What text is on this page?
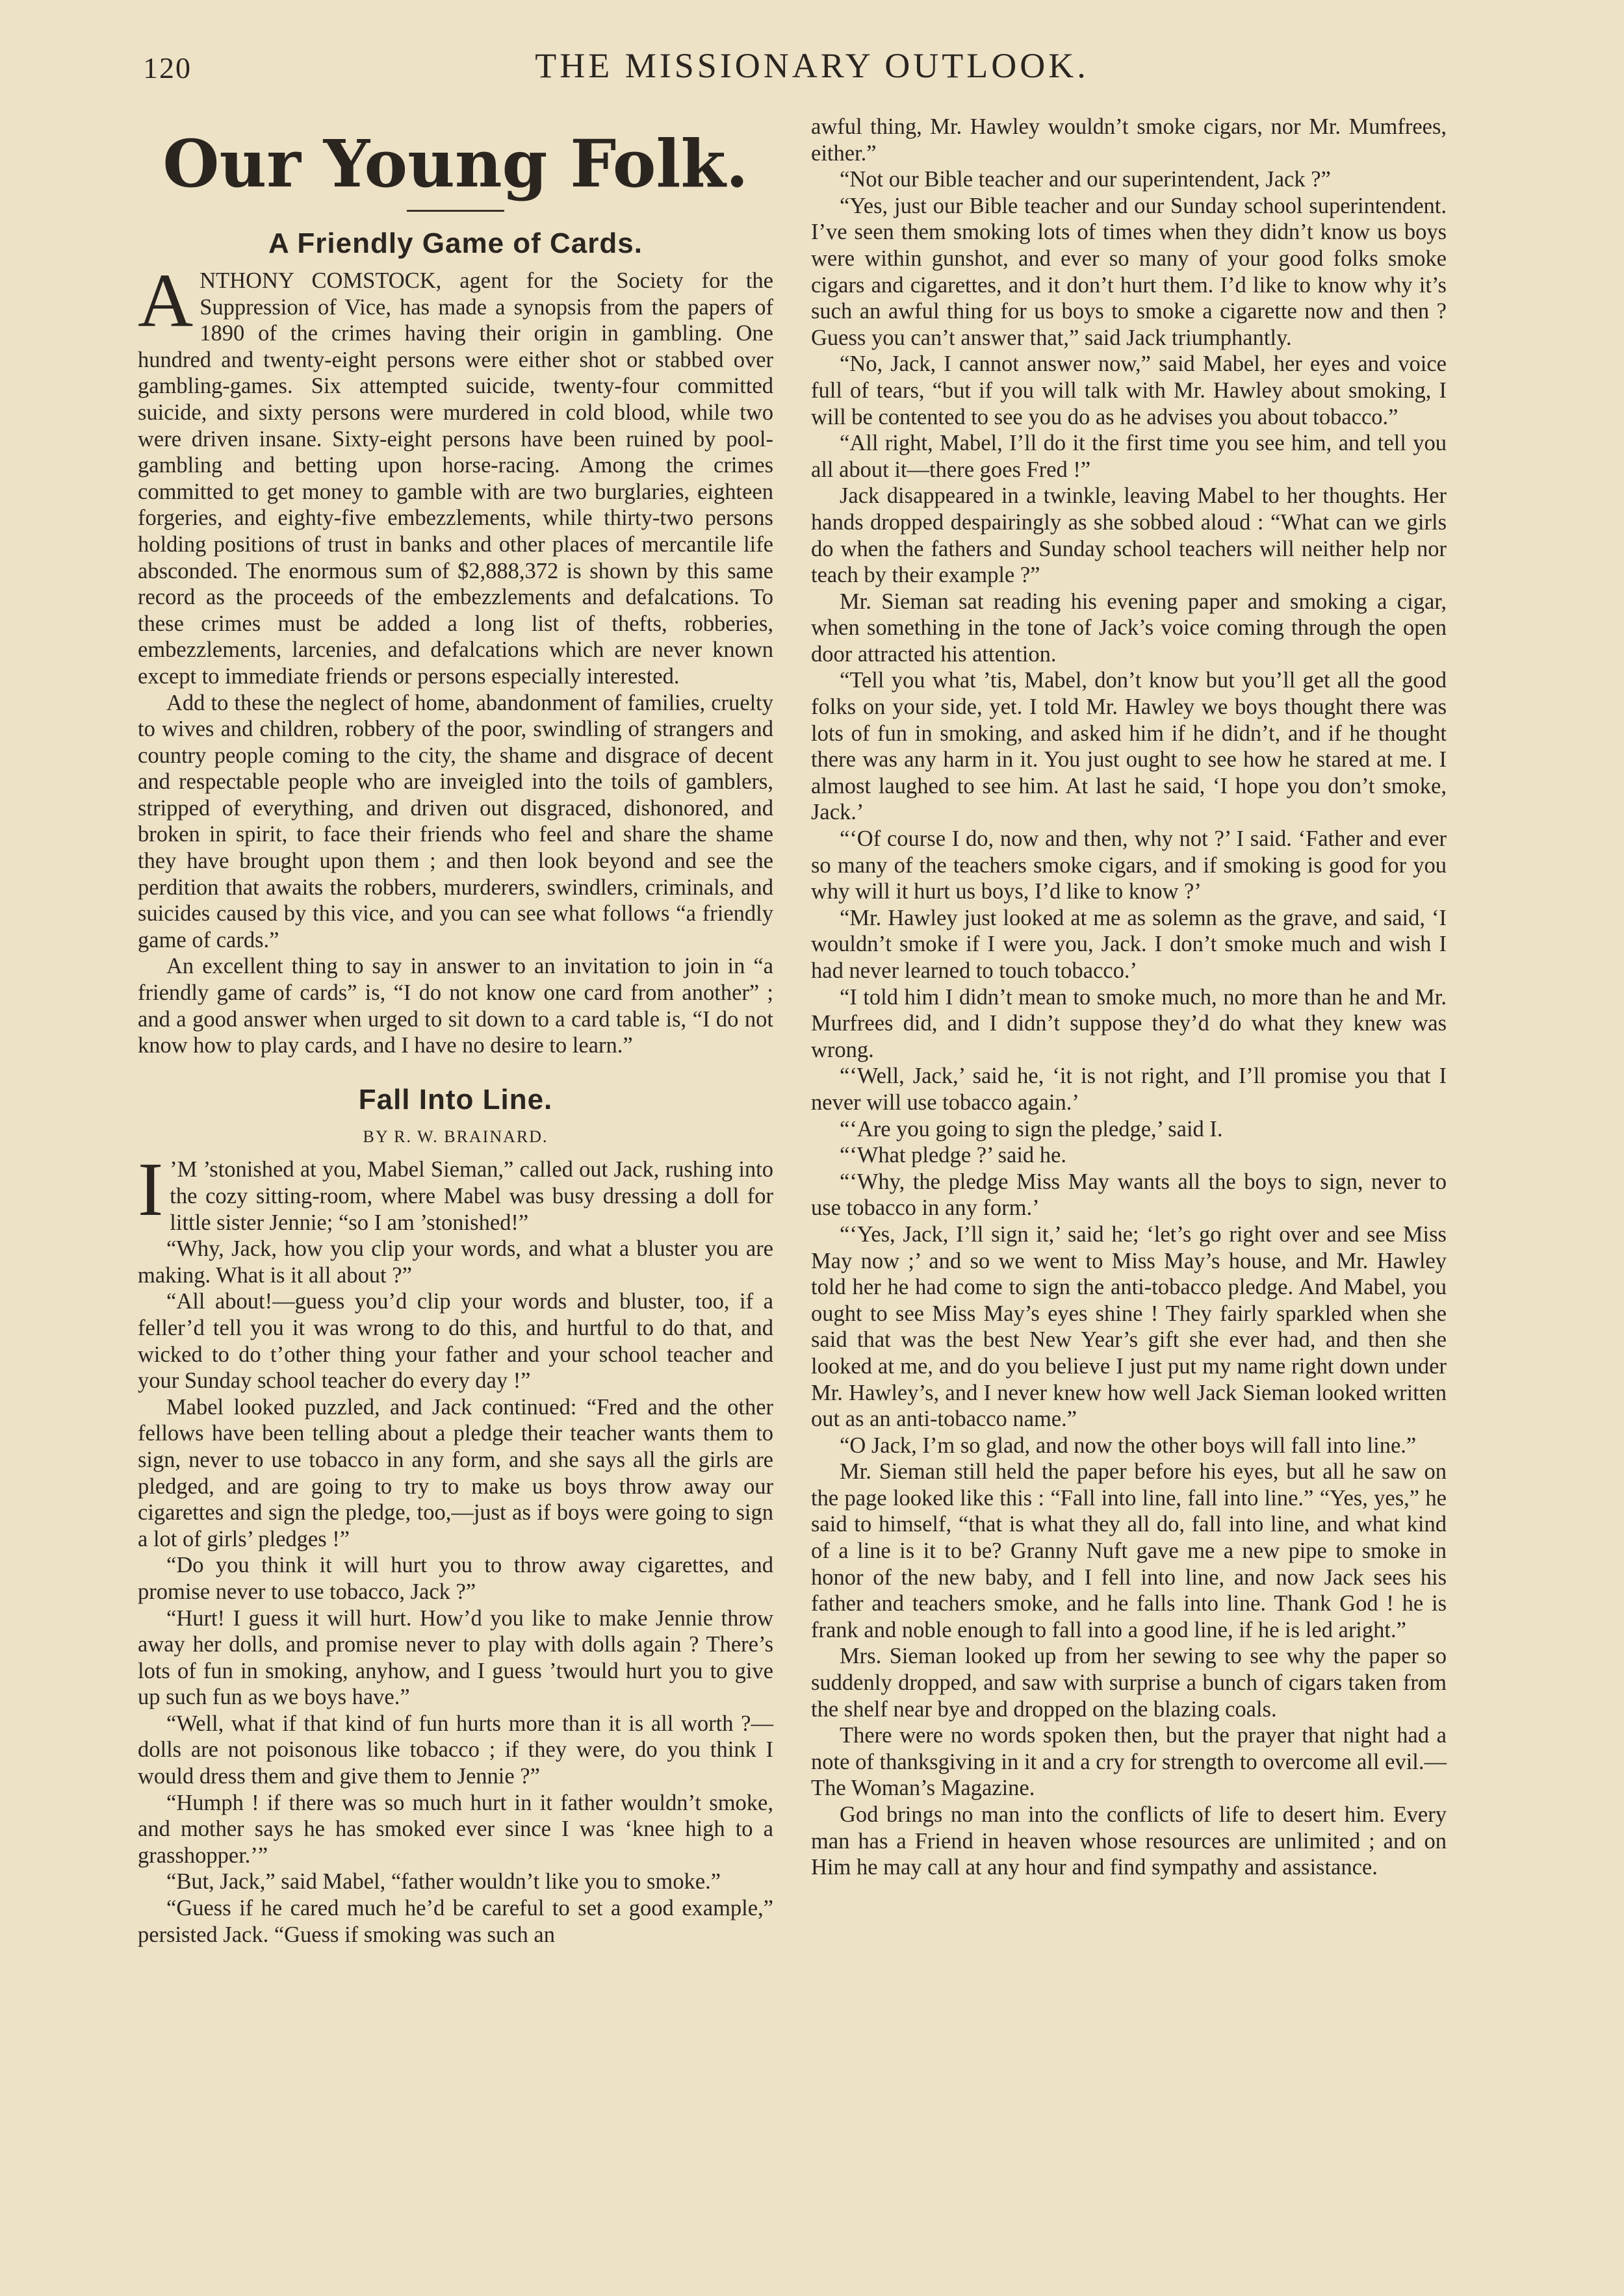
120	THE MISSIONARY OUTLOOK.
Our Young Folk.
A Friendly Game of Cards.

ANTHONY COMSTOCK, agent for the Society for the Suppression of Vice, has made a synopsis from the papers of 1890 of the crimes having their origin in gambling. One hundred and twenty-eight persons were either shot or stabbed over gambling-games. Six attempted suicide, twenty-four committed suicide, and sixty persons were murdered in cold blood, while two were driven insane. Sixty-eight persons have been ruined by pool-gambling and betting upon horse-racing. Among the crimes committed to get money to gamble with are two burglaries, eighteen forgeries, and eighty-five embezzlements, while thirty-two persons holding positions of trust in banks and other places of mercantile life absconded. The enormous sum of $2,888,372 is shown by this same record as the proceeds of the embezzlements and defalcations. To these crimes must be added a long list of thefts, robberies, embezzlements, larcenies, and defalcations which are never known except to immediate friends or persons especially interested.

Add to these the neglect of home, abandonment of families, cruelty to wives and children, robbery of the poor, swindling of strangers and country people coming to the city, the shame and disgrace of decent and respectable people who are inveigled into the toils of gamblers, stripped of everything, and driven out disgraced, dishonored, and broken in spirit, to face their friends who feel and share the shame they have brought upon them ; and then look beyond and see the perdition that awaits the robbers, murderers, swindlers, criminals, and suicides caused by this vice, and you can see what follows “a friendly game of cards.”

An excellent thing to say in answer to an invitation to join in “a friendly game of cards” is, “I do not know one card from another” ; and a good answer when urged to sit down to a card table is, “I do not know how to play cards, and I have no desire to learn.”

Fall Into Line.
BY R. W. BRAINARD.

I ’M ’stonished at you, Mabel Sieman,” called out Jack, rushing into the cozy sitting-room, where Mabel was busy dressing a doll for little sister Jennie; “so I am ’stonished!”

“Why, Jack, how you clip your words, and what a bluster you are making. What is it all about ?”

“All about!—guess you’d clip your words and bluster, too, if a feller’d tell you it was wrong to do this, and hurtful to do that, and wicked to do t’other thing your father and your school teacher and your Sunday school teacher do every day !”

Mabel looked puzzled, and Jack continued: “Fred and the other fellows have been telling about a pledge their teacher wants them to sign, never to use tobacco in any form, and she says all the girls are pledged, and are going to try to make us boys throw away our cigarettes and sign the pledge, too,—just as if boys were going to sign a lot of girls’ pledges !”

“Do you think it will hurt you to throw away cigarettes, and promise never to use tobacco, Jack ?”

“Hurt! I guess it will hurt. How’d you like to make Jennie throw away her dolls, and promise never to play with dolls again ? There’s lots of fun in smoking, anyhow, and I guess ’twould hurt you to give up such fun as we boys have.”

“Well, what if that kind of fun hurts more than it is all worth ?—dolls are not poisonous like tobacco ; if they were, do you think I would dress them and give them to Jennie ?”

“Humph ! if there was so much hurt in it father wouldn’t smoke, and mother says he has smoked ever since I was ‘knee high to a grasshopper.’”

“But, Jack,” said Mabel, “father wouldn’t like you to smoke.”

“Guess if he cared much he’d be careful to set a good example,” persisted Jack. “Guess if smoking was such an

awful thing, Mr. Hawley wouldn’t smoke cigars, nor Mr. Mumfrees, either.”

“Not our Bible teacher and our superintendent, Jack ?”

“Yes, just our Bible teacher and our Sunday school superintendent. I’ve seen them smoking lots of times when they didn’t know us boys were within gunshot, and ever so many of your good folks smoke cigars and cigarettes, and it don’t hurt them. I’d like to know why it’s such an awful thing for us boys to smoke a cigarette now and then ? Guess you can’t answer that,” said Jack triumphantly.

“No, Jack, I cannot answer now,” said Mabel, her eyes and voice full of tears, “but if you will talk with Mr. Hawley about smoking, I will be contented to see you do as he advises you about tobacco.”

“All right, Mabel, I’ll do it the first time you see him, and tell you all about it—there goes Fred !”

Jack disappeared in a twinkle, leaving Mabel to her thoughts. Her hands dropped despairingly as she sobbed aloud : “What can we girls do when the fathers and Sunday school teachers will neither help nor teach by their example ?”

Mr. Sieman sat reading his evening paper and smoking a cigar, when something in the tone of Jack’s voice coming through the open door attracted his attention.

“Tell you what ’tis, Mabel, don’t know but you’ll get all the good folks on your side, yet. I told Mr. Hawley we boys thought there was lots of fun in smoking, and asked him if he didn’t, and if he thought there was any harm in it. You just ought to see how he stared at me. I almost laughed to see him. At last he said, ‘I hope you don’t smoke, Jack.’

“‘Of course I do, now and then, why not ?’ I said. ‘Father and ever so many of the teachers smoke cigars, and if smoking is good for you why will it hurt us boys, I’d like to know ?’

“Mr. Hawley just looked at me as solemn as the grave, and said, ‘I wouldn’t smoke if I were you, Jack. I don’t smoke much and wish I had never learned to touch tobacco.’

“I told him I didn’t mean to smoke much, no more than he and Mr. Murfrees did, and I didn’t suppose they’d do what they knew was wrong.

“‘Well, Jack,’ said he, ‘it is not right, and I’ll promise you that I never will use tobacco again.’

“‘Are you going to sign the pledge,’ said I.

“‘What pledge ?’ said he.

“‘Why, the pledge Miss May wants all the boys to sign, never to use tobacco in any form.’

“‘Yes, Jack, I’ll sign it,’ said he; ‘let’s go right over and see Miss May now ;’ and so we went to Miss May’s house, and Mr. Hawley told her he had come to sign the anti-tobacco pledge. And Mabel, you ought to see Miss May’s eyes shine ! They fairly sparkled when she said that was the best New Year’s gift she ever had, and then she looked at me, and do you believe I just put my name right down under Mr. Hawley’s, and I never knew how well Jack Sieman looked written out as an anti-tobacco name.”

“O Jack, I’m so glad, and now the other boys will fall into line.”

Mr. Sieman still held the paper before his eyes, but all he saw on the page looked like this : “Fall into line, fall into line.” “Yes, yes,” he said to himself, “that is what they all do, fall into line, and what kind of a line is it to be? Granny Nuft gave me a new pipe to smoke in honor of the new baby, and I fell into line, and now Jack sees his father and teachers smoke, and he falls into line. Thank God ! he is frank and noble enough to fall into a good line, if he is led aright.”

Mrs. Sieman looked up from her sewing to see why the paper so suddenly dropped, and saw with surprise a bunch of cigars taken from the shelf near bye and dropped on the blazing coals.

There were no words spoken then, but the prayer that night had a note of thanksgiving in it and a cry for strength to overcome all evil.—The Woman’s Magazine.

God brings no man into the conflicts of life to desert him. Every man has a Friend in heaven whose resources are unlimited ; and on Him he may call at any hour and find sympathy and assistance.
